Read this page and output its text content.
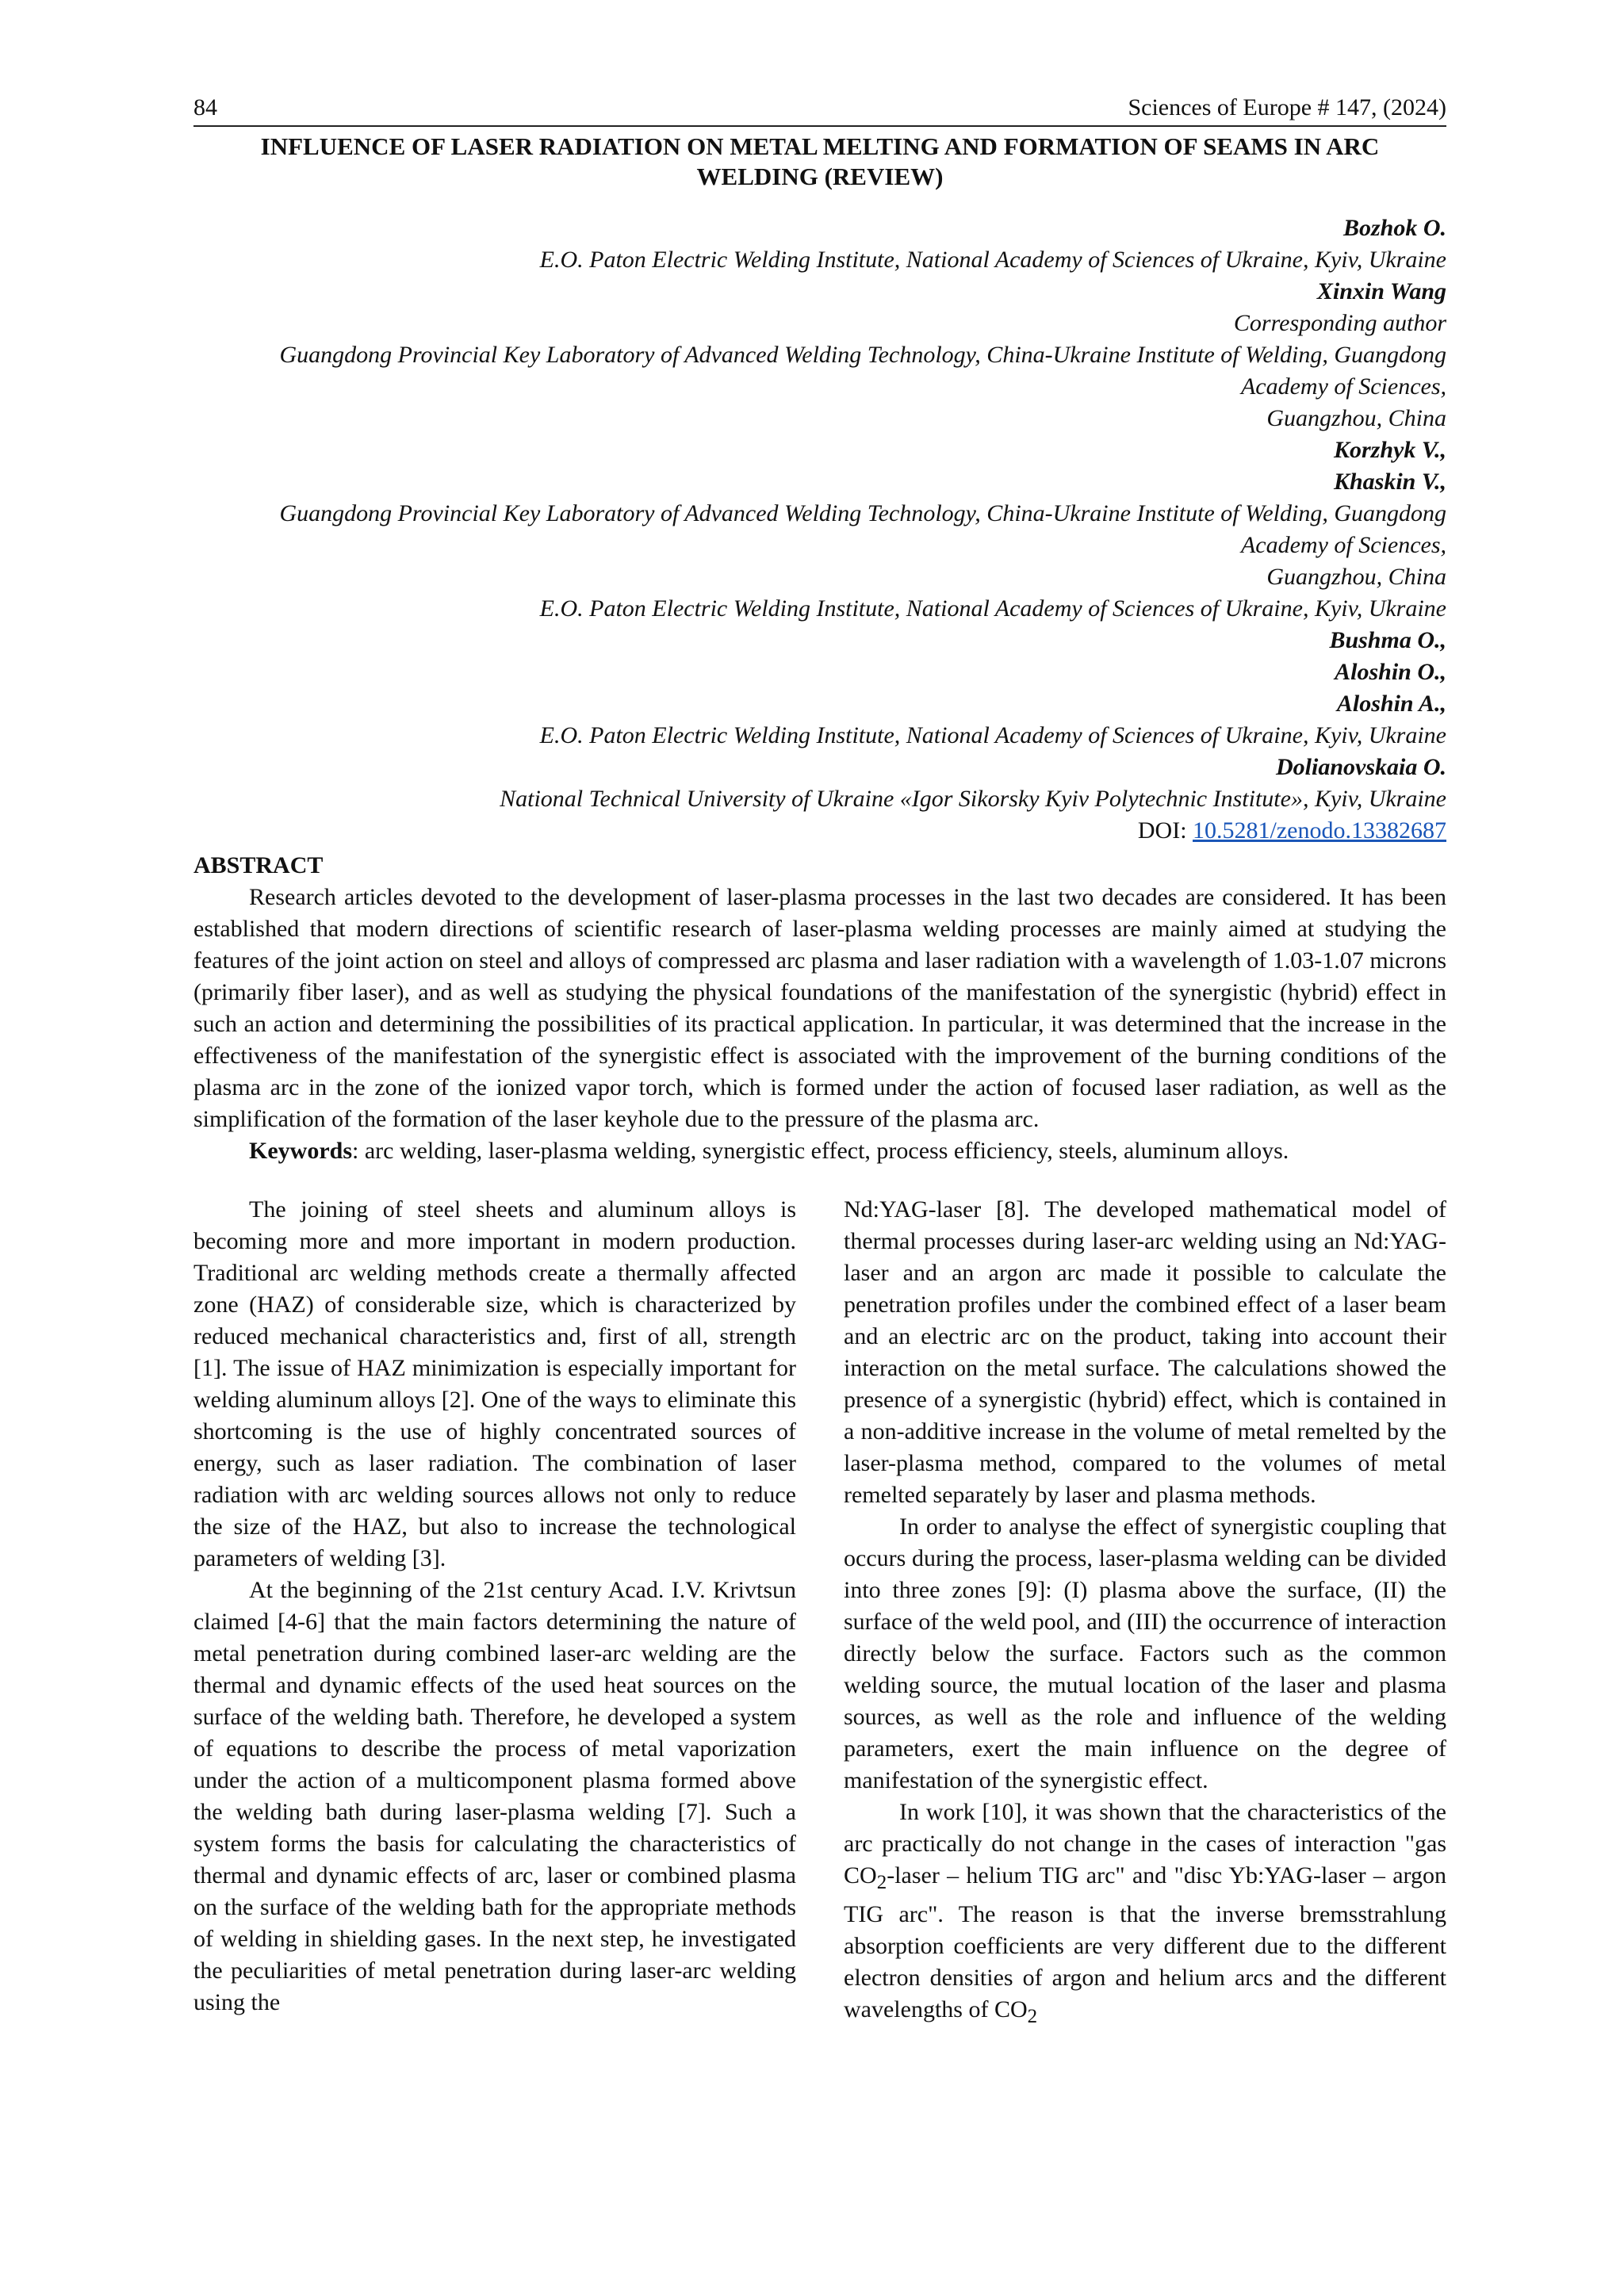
84	Sciences of Europe # 147, (2024)
INFLUENCE OF LASER RADIATION ON METAL MELTING AND FORMATION OF SEAMS IN ARC WELDING (REVIEW)
Bozhok O.
E.O. Paton Electric Welding Institute, National Academy of Sciences of Ukraine, Kyiv, Ukraine
Xinxin Wang
Corresponding author
Guangdong Provincial Key Laboratory of Advanced Welding Technology, China-Ukraine Institute of Welding, Guangdong Academy of Sciences,
Guangzhou, China
Korzhyk V.,
Khaskin V.,
Guangdong Provincial Key Laboratory of Advanced Welding Technology, China-Ukraine Institute of Welding, Guangdong Academy of Sciences,
Guangzhou, China
E.O. Paton Electric Welding Institute, National Academy of Sciences of Ukraine, Kyiv, Ukraine
Bushma O.,
Aloshin O.,
Aloshin A.,
E.O. Paton Electric Welding Institute, National Academy of Sciences of Ukraine, Kyiv, Ukraine
Dolianovskaia O.
National Technical University of Ukraine «Igor Sikorsky Kyiv Polytechnic Institute», Kyiv, Ukraine
DOI: 10.5281/zenodo.13382687
ABSTRACT

Research articles devoted to the development of laser-plasma processes in the last two decades are considered. It has been established that modern directions of scientific research of laser-plasma welding processes are mainly aimed at studying the features of the joint action on steel and alloys of compressed arc plasma and laser radiation with a wavelength of 1.03-1.07 microns (primarily fiber laser), and as well as studying the physical foundations of the manifestation of the synergistic (hybrid) effect in such an action and determining the possibilities of its practical application. In particular, it was determined that the increase in the effectiveness of the manifestation of the synergistic effect is associated with the improvement of the burning conditions of the plasma arc in the zone of the ionized vapor torch, which is formed under the action of focused laser radiation, as well as the simplification of the formation of the laser keyhole due to the pressure of the plasma arc.

Keywords: arc welding, laser-plasma welding, synergistic effect, process efficiency, steels, aluminum alloys.

The joining of steel sheets and aluminum alloys is becoming more and more important in modern production. Traditional arc welding methods create a thermally affected zone (HAZ) of considerable size, which is characterized by reduced mechanical characteristics and, first of all, strength [1]. The issue of HAZ minimization is especially important for welding aluminum alloys [2]. One of the ways to eliminate this shortcoming is the use of highly concentrated sources of energy, such as laser radiation. The combination of laser radiation with arc welding sources allows not only to reduce the size of the HAZ, but also to increase the technological parameters of welding [3].

At the beginning of the 21st century Acad. I.V. Krivtsun claimed [4-6] that the main factors determining the nature of metal penetration during combined laser-arc welding are the thermal and dynamic effects of the used heat sources on the surface of the welding bath. Therefore, he developed a system of equations to describe the process of metal vaporization under the action of a multicomponent plasma formed above the welding bath during laser-plasma welding [7]. Such a system forms the basis for calculating the characteristics of thermal and dynamic effects of arc, laser or combined plasma on the surface of the welding bath for the appropriate methods of welding in shielding gases. In the next step, he investigated the peculiarities of metal penetration during laser-arc welding using the

Nd:YAG-laser [8]. The developed mathematical model of thermal processes during laser-arc welding using an Nd:YAG-laser and an argon arc made it possible to calculate the penetration profiles under the combined effect of a laser beam and an electric arc on the product, taking into account their interaction on the metal surface. The calculations showed the presence of a synergistic (hybrid) effect, which is contained in a non-additive increase in the volume of metal remelted by the laser-plasma method, compared to the volumes of metal remelted separately by laser and plasma methods.

In order to analyse the effect of synergistic coupling that occurs during the process, laser-plasma welding can be divided into three zones [9]: (I) plasma above the surface, (II) the surface of the weld pool, and (III) the occurrence of interaction directly below the surface. Factors such as the common welding source, the mutual location of the laser and plasma sources, as well as the role and influence of the welding parameters, exert the main influence on the degree of manifestation of the synergistic effect.

In work [10], it was shown that the characteristics of the arc practically do not change in the cases of interaction "gas $CO_2$-laser – helium TIG arc" and "disc Yb:YAG-laser – argon TIG arc". The reason is that the inverse bremsstrahlung absorption coefficients are very different due to the different electron densities of argon and helium arcs and the different wavelengths of $CO_2$
